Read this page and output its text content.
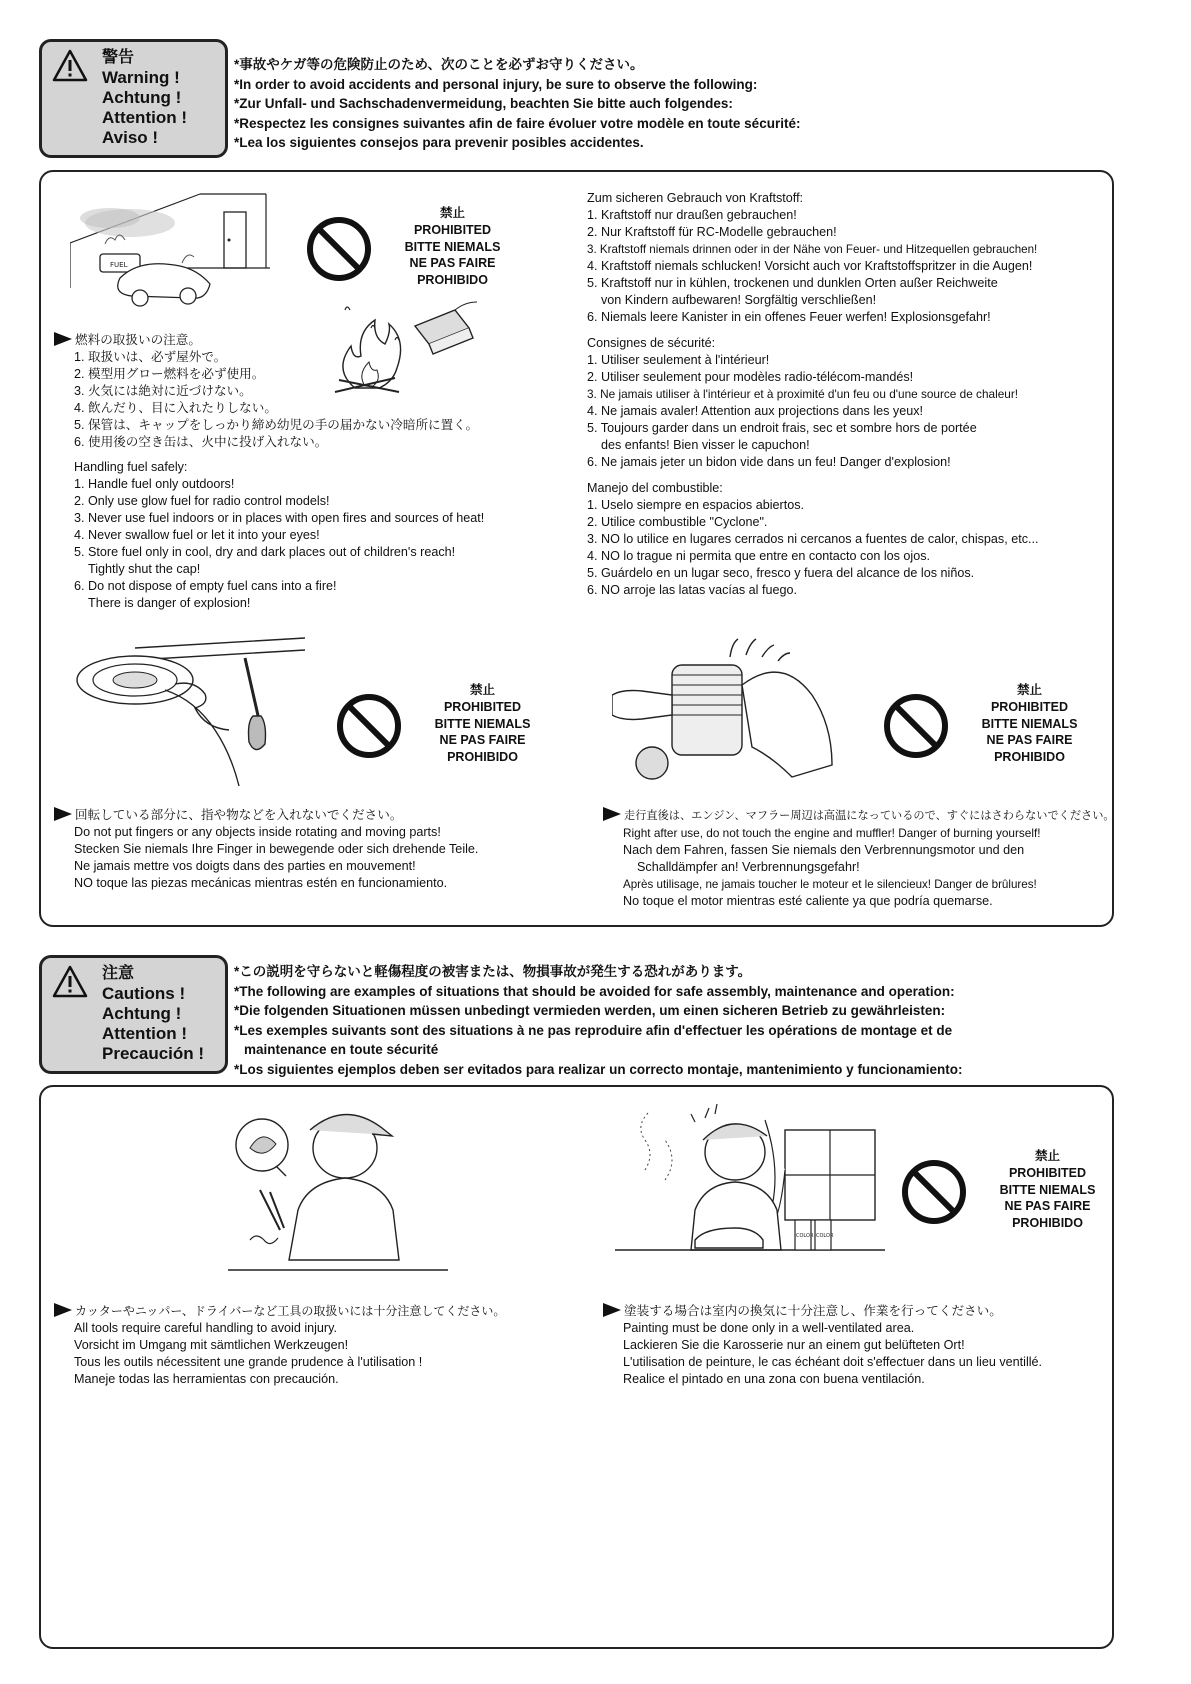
警告
Warning !
Achtung !
Attention !
Aviso !
*事故やケガ等の危険防止のため、次のことを必ずお守りください。
*In order to avoid accidents and personal injury, be sure to observe the following:
*Zur Unfall- und Sachschadenvermeidung, beachten Sie bitte auch folgendes:
*Respectez les consignes suivantes afin de faire évoluer votre modèle en toute sécurité:
*Lea los siguientes consejos para prevenir posibles accidentes.
FUEL
禁止
PROHIBITED
BITTE NIEMALS
NE PAS FAIRE
PROHIBIDO
燃料の取扱いの注意。
1. 取扱いは、必ず屋外で。
2. 模型用グロー燃料を必ず使用。
3. 火気には絶対に近づけない。
4. 飲んだり、目に入れたりしない。
5. 保管は、キャップをしっかり締め幼児の手の届かない冷暗所に置く。
6. 使用後の空き缶は、火中に投げ入れない。
Handling fuel safely:
1. Handle fuel only outdoors!
2. Only use glow fuel for radio control models!
3. Never use fuel indoors or in places with open fires and sources of heat!
4. Never swallow fuel or let it into your eyes!
5. Store fuel only in cool, dry and dark places out of children's reach!
Tightly shut the cap!
6. Do not dispose of empty fuel cans into a fire!
There is danger of explosion!
Zum sicheren Gebrauch von Kraftstoff:
1. Kraftstoff nur draußen gebrauchen!
2. Nur Kraftstoff für RC-Modelle gebrauchen!
3. Kraftstoff niemals drinnen oder in der Nähe von Feuer- und Hitzequellen gebrauchen!
4. Kraftstoff niemals schlucken! Vorsicht auch vor Kraftstoffspritzer in die Augen!
5. Kraftstoff nur in kühlen, trockenen und dunklen Orten außer Reichweite
von Kindern aufbewaren! Sorgfältig verschließen!
6. Niemals leere Kanister in ein offenes Feuer werfen! Explosionsgefahr!
Consignes de sécurité:
1. Utiliser seulement à l'intérieur!
2. Utiliser seulement pour modèles radio-télécom-mandés!
3. Ne jamais utiliser à l'intérieur et à proximité d'un feu ou d'une source de chaleur!
4. Ne jamais avaler! Attention aux projections dans les yeux!
5. Toujours garder dans un endroit frais, sec et sombre hors de portée
des enfants! Bien visser le capuchon!
6. Ne jamais jeter un bidon vide dans un feu! Danger d'explosion!
Manejo del combustible:
1. Uselo siempre en espacios abiertos.
2. Utilice combustible "Cyclone".
3. NO lo utilice en lugares cerrados ni cercanos a fuentes de calor, chispas, etc...
4. NO lo trague ni permita que entre en contacto con los ojos.
5. Guárdelo en un lugar seco, fresco y fuera del alcance de los niños.
6. NO arroje las latas vacías al fuego.
禁止
PROHIBITED
BITTE NIEMALS
NE PAS FAIRE
PROHIBIDO
禁止
PROHIBITED
BITTE NIEMALS
NE PAS FAIRE
PROHIBIDO
回転している部分に、指や物などを入れないでください。
Do not put fingers or any objects inside rotating and moving parts!
Stecken Sie niemals Ihre Finger in bewegende oder sich drehende Teile.
Ne jamais mettre vos doigts dans des parties en mouvement!
NO toque las piezas mecánicas mientras estén en funcionamiento.
走行直後は、エンジン、マフラー周辺は高温になっているので、すぐにはさわらないでください。
Right after use, do not touch the engine and muffler! Danger of burning yourself!
Nach dem Fahren, fassen Sie niemals den Verbrennungsmotor und den
Schalldämpfer an! Verbrennungsgefahr!
Après utilisage, ne jamais toucher le moteur et le silencieux! Danger de brûlures!
No toque el motor mientras esté caliente ya que podría quemarse.
注意
Cautions !
Achtung !
Attention !
Precaución !
*この説明を守らないと軽傷程度の被害または、物損事故が発生する恐れがあります。
*The following are examples of situations that should be avoided for safe assembly, maintenance and operation:
*Die folgenden Situationen müssen unbedingt vermieden werden, um einen sicheren Betrieb zu gewährleisten:
*Les exemples suivants sont des situations à ne pas reproduire afin d'effectuer les opérations de montage et de
maintenance en toute sécurité
*Los siguientes ejemplos deben ser evitados para realizar un correcto montaje, mantenimiento y funcionamiento:
COLOR COLOR
禁止
PROHIBITED
BITTE NIEMALS
NE PAS FAIRE
PROHIBIDO
カッターやニッパー、ドライバーなど工具の取扱いには十分注意してください。
All tools require careful handling to avoid injury.
Vorsicht im Umgang mit sämtlichen Werkzeugen!
Tous les outils nécessitent une grande prudence à l'utilisation !
Maneje todas las herramientas con precaución.
塗装する場合は室内の換気に十分注意し、作業を行ってください。
Painting must be done only in a well-ventilated area.
Lackieren Sie die Karosserie nur an einem gut belüfteten Ort!
L'utilisation de peinture, le cas échéant doit s'effectuer dans un lieu ventillé.
Realice el pintado en una zona con buena ventilación.
